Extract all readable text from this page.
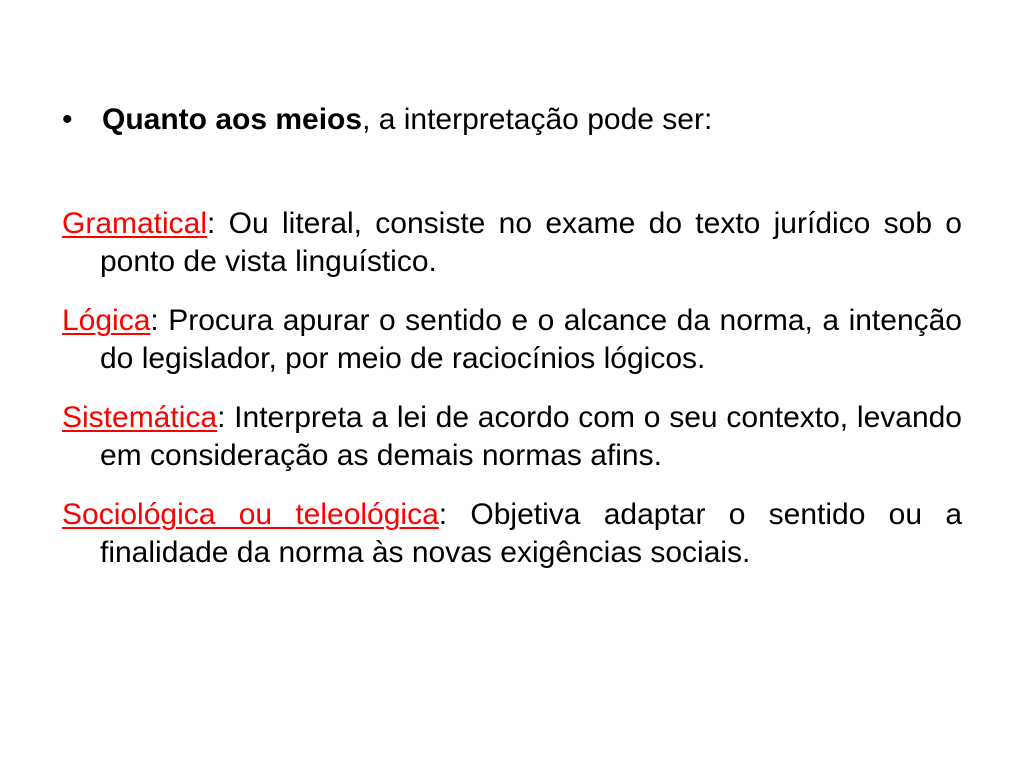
• Quanto aos meios, a interpretação pode ser:

Gramatical: Ou literal, consiste no exame do texto jurídico sob o ponto de vista linguístico.

Lógica: Procura apurar o sentido e o alcance da norma, a intenção do legislador, por meio de raciocínios lógicos.

Sistemática: Interpreta a lei de acordo com o seu contexto, levando em consideração as demais normas afins.

Sociológica ou teleológica: Objetiva adaptar o sentido ou a finalidade da norma às novas exigências sociais.
